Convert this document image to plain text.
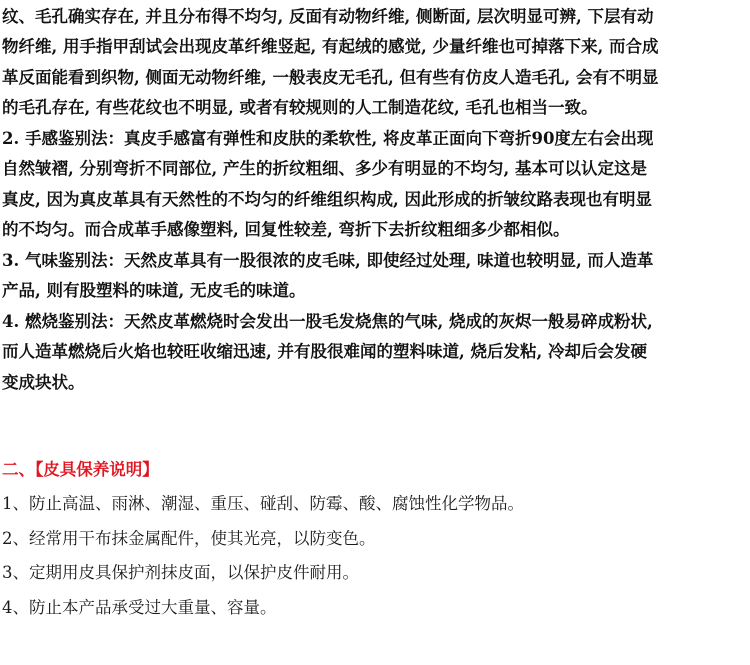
纹、毛孔确实存在, 并且分布得不均匀, 反面有动物纤维, 侧断面, 层次明显可辨, 下层有动
物纤维, 用手指甲刮试会出现皮革纤维竖起, 有起绒的感觉, 少量纤维也可掉落下来, 而合成
革反面能看到织物, 侧面无动物纤维, 一般表皮无毛孔, 但有些有仿皮人造毛孔, 会有不明显
的毛孔存在, 有些花纹也不明显, 或者有较规则的人工制造花纹, 毛孔也相当一致。
2. 手感鉴别法：真皮手感富有弹性和皮肤的柔软性, 将皮革正面向下弯折90度左右会出现
自然皱褶, 分别弯折不同部位, 产生的折纹粗细、多少有明显的不均匀, 基本可以认定这是
真皮, 因为真皮革具有天然性的不均匀的纤维组织构成, 因此形成的折皱纹路表现也有明显
的不均匀。而合成革手感像塑料, 回复性较差, 弯折下去折纹粗细多少都相似。
3. 气味鉴别法：天然皮革具有一股很浓的皮毛味, 即使经过处理, 味道也较明显, 而人造革
产品, 则有股塑料的味道, 无皮毛的味道。
4. 燃烧鉴别法：天然皮革燃烧时会发出一股毛发烧焦的气味, 烧成的灰烬一般易碎成粉状,
而人造革燃烧后火焰也较旺收缩迅速, 并有股很难闻的塑料味道, 烧后发粘, 冷却后会发硬
变成块状。
二、【皮具保养说明】
1、防止高温、雨淋、潮湿、重压、碰刮、防霉、酸、腐蚀性化学物品。
2、经常用干布抹金属配件，使其光亮，以防变色。
3、定期用皮具保护剂抹皮面，以保护皮件耐用。
4、防止本产品承受过大重量、容量。
